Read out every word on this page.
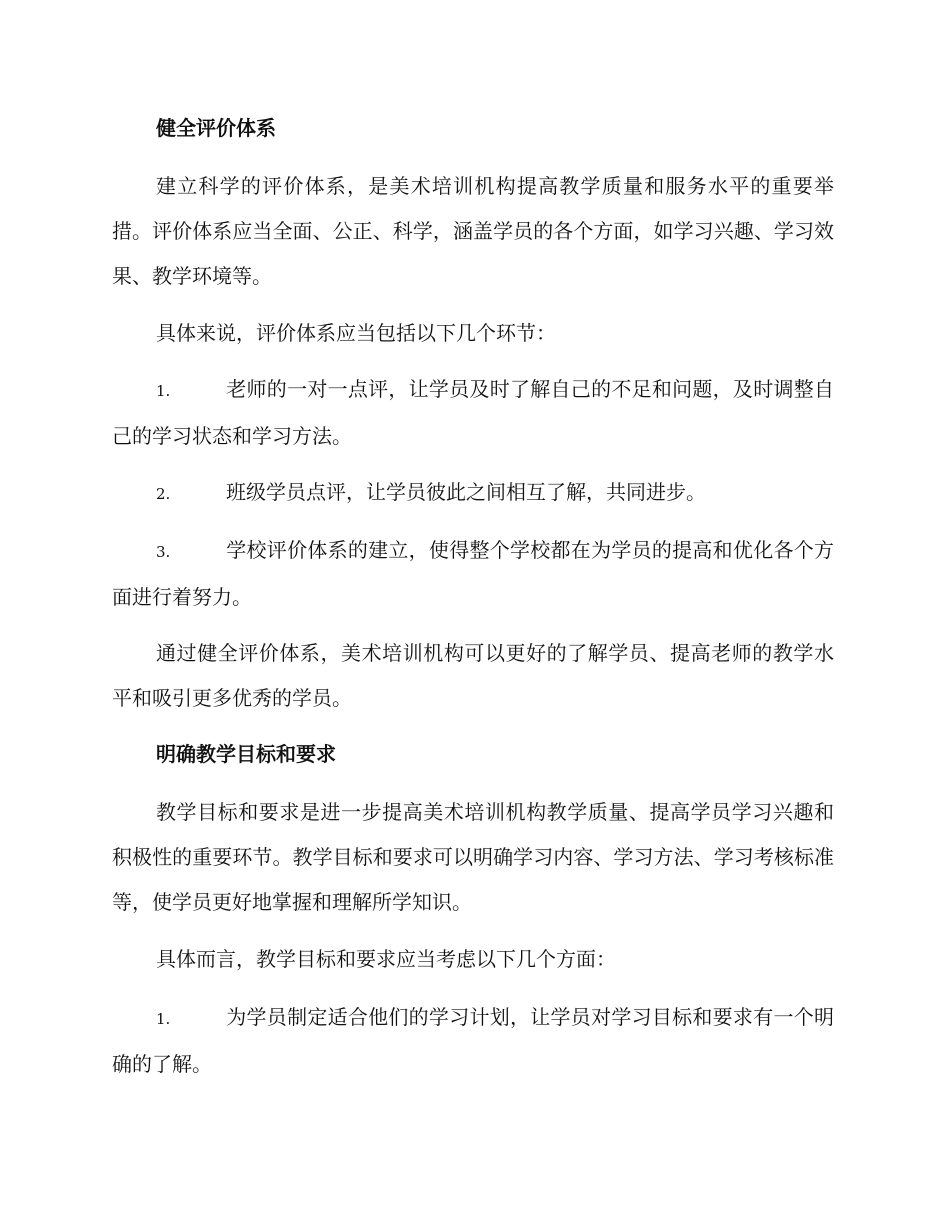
健全评价体系
建立科学的评价体系，是美术培训机构提高教学质量和服务水平的重要举措。评价体系应当全面、公正、科学，涵盖学员的各个方面，如学习兴趣、学习效果、教学环境等。
具体来说，评价体系应当包括以下几个环节：
1.	老师的一对一点评，让学员及时了解自己的不足和问题，及时调整自己的学习状态和学习方法。
2.	班级学员点评，让学员彼此之间相互了解，共同进步。
3.	学校评价体系的建立，使得整个学校都在为学员的提高和优化各个方面进行着努力。
通过健全评价体系，美术培训机构可以更好的了解学员、提高老师的教学水平和吸引更多优秀的学员。
明确教学目标和要求
教学目标和要求是进一步提高美术培训机构教学质量、提高学员学习兴趣和积极性的重要环节。教学目标和要求可以明确学习内容、学习方法、学习考核标准等，使学员更好地掌握和理解所学知识。
具体而言，教学目标和要求应当考虑以下几个方面：
1.	为学员制定适合他们的学习计划，让学员对学习目标和要求有一个明确的了解。
